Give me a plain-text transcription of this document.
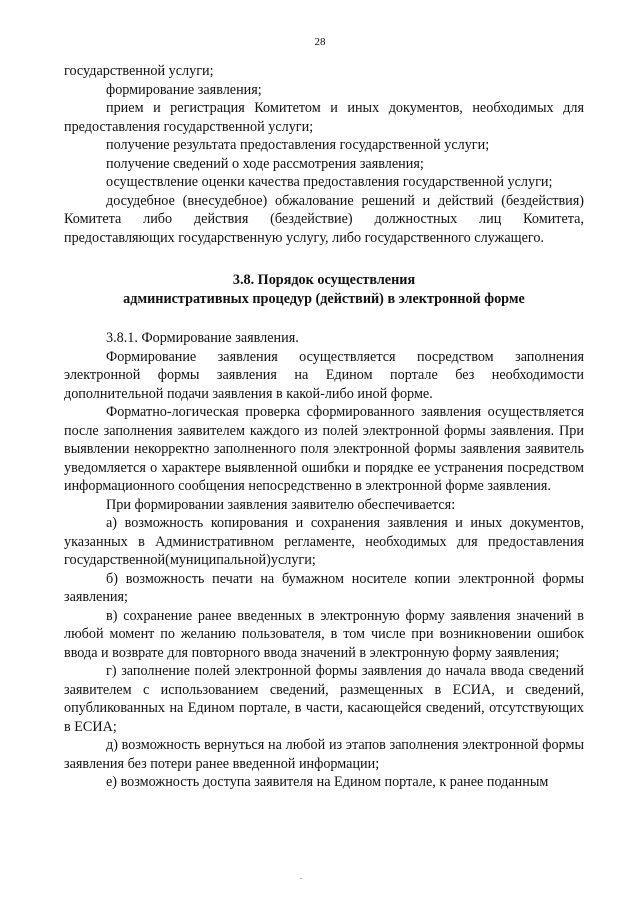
28

государственной услуги;

формирование заявления;

прием и регистрация Комитетом и иных документов, необходимых для предоставления государственной услуги;

получение результата предоставления государственной услуги;

получение сведений о ходе рассмотрения заявления;

осуществление оценки качества предоставления государственной услуги;

досудебное (внесудебное) обжалование решений и действий (бездействия) Комитета либо действия (бездействие) должностных лиц Комитета, предоставляющих государственную услугу, либо государственного служащего.

3.8. Порядок осуществления

административных процедур (действий) в электронной форме

3.8.1. Формирование заявления.

Формирование заявления осуществляется посредством заполнения электронной формы заявления на Едином портале без необходимости дополнительной подачи заявления в какой-либо иной форме.

Форматно-логическая проверка сформированного заявления осуществляется после заполнения заявителем каждого из полей электронной формы заявления. При выявлении некорректно заполненного поля электронной формы заявления заявитель уведомляется о характере выявленной ошибки и порядке ее устранения посредством информационного сообщения непосредственно в электронной форме заявления.

При формировании заявления заявителю обеспечивается:

а) возможность копирования и сохранения заявления и иных документов, указанных в Административном регламенте, необходимых для предоставления государственной(муниципальной)услуги;

б) возможность печати на бумажном носителе копии электронной формы заявления;

в) сохранение ранее введенных в электронную форму заявления значений в любой момент по желанию пользователя, в том числе при возникновении ошибок ввода и возврате для повторного ввода значений в электронную форму заявления;

г) заполнение полей электронной формы заявления до начала ввода сведений заявителем с использованием сведений, размещенных в ЕСИА, и сведений, опубликованных на Едином портале, в части, касающейся сведений, отсутствующих в ЕСИА;

д) возможность вернуться на любой из этапов заполнения электронной формы заявления без потери ранее введенной информации;

е) возможность доступа заявителя на Едином портале, к ранее поданным
